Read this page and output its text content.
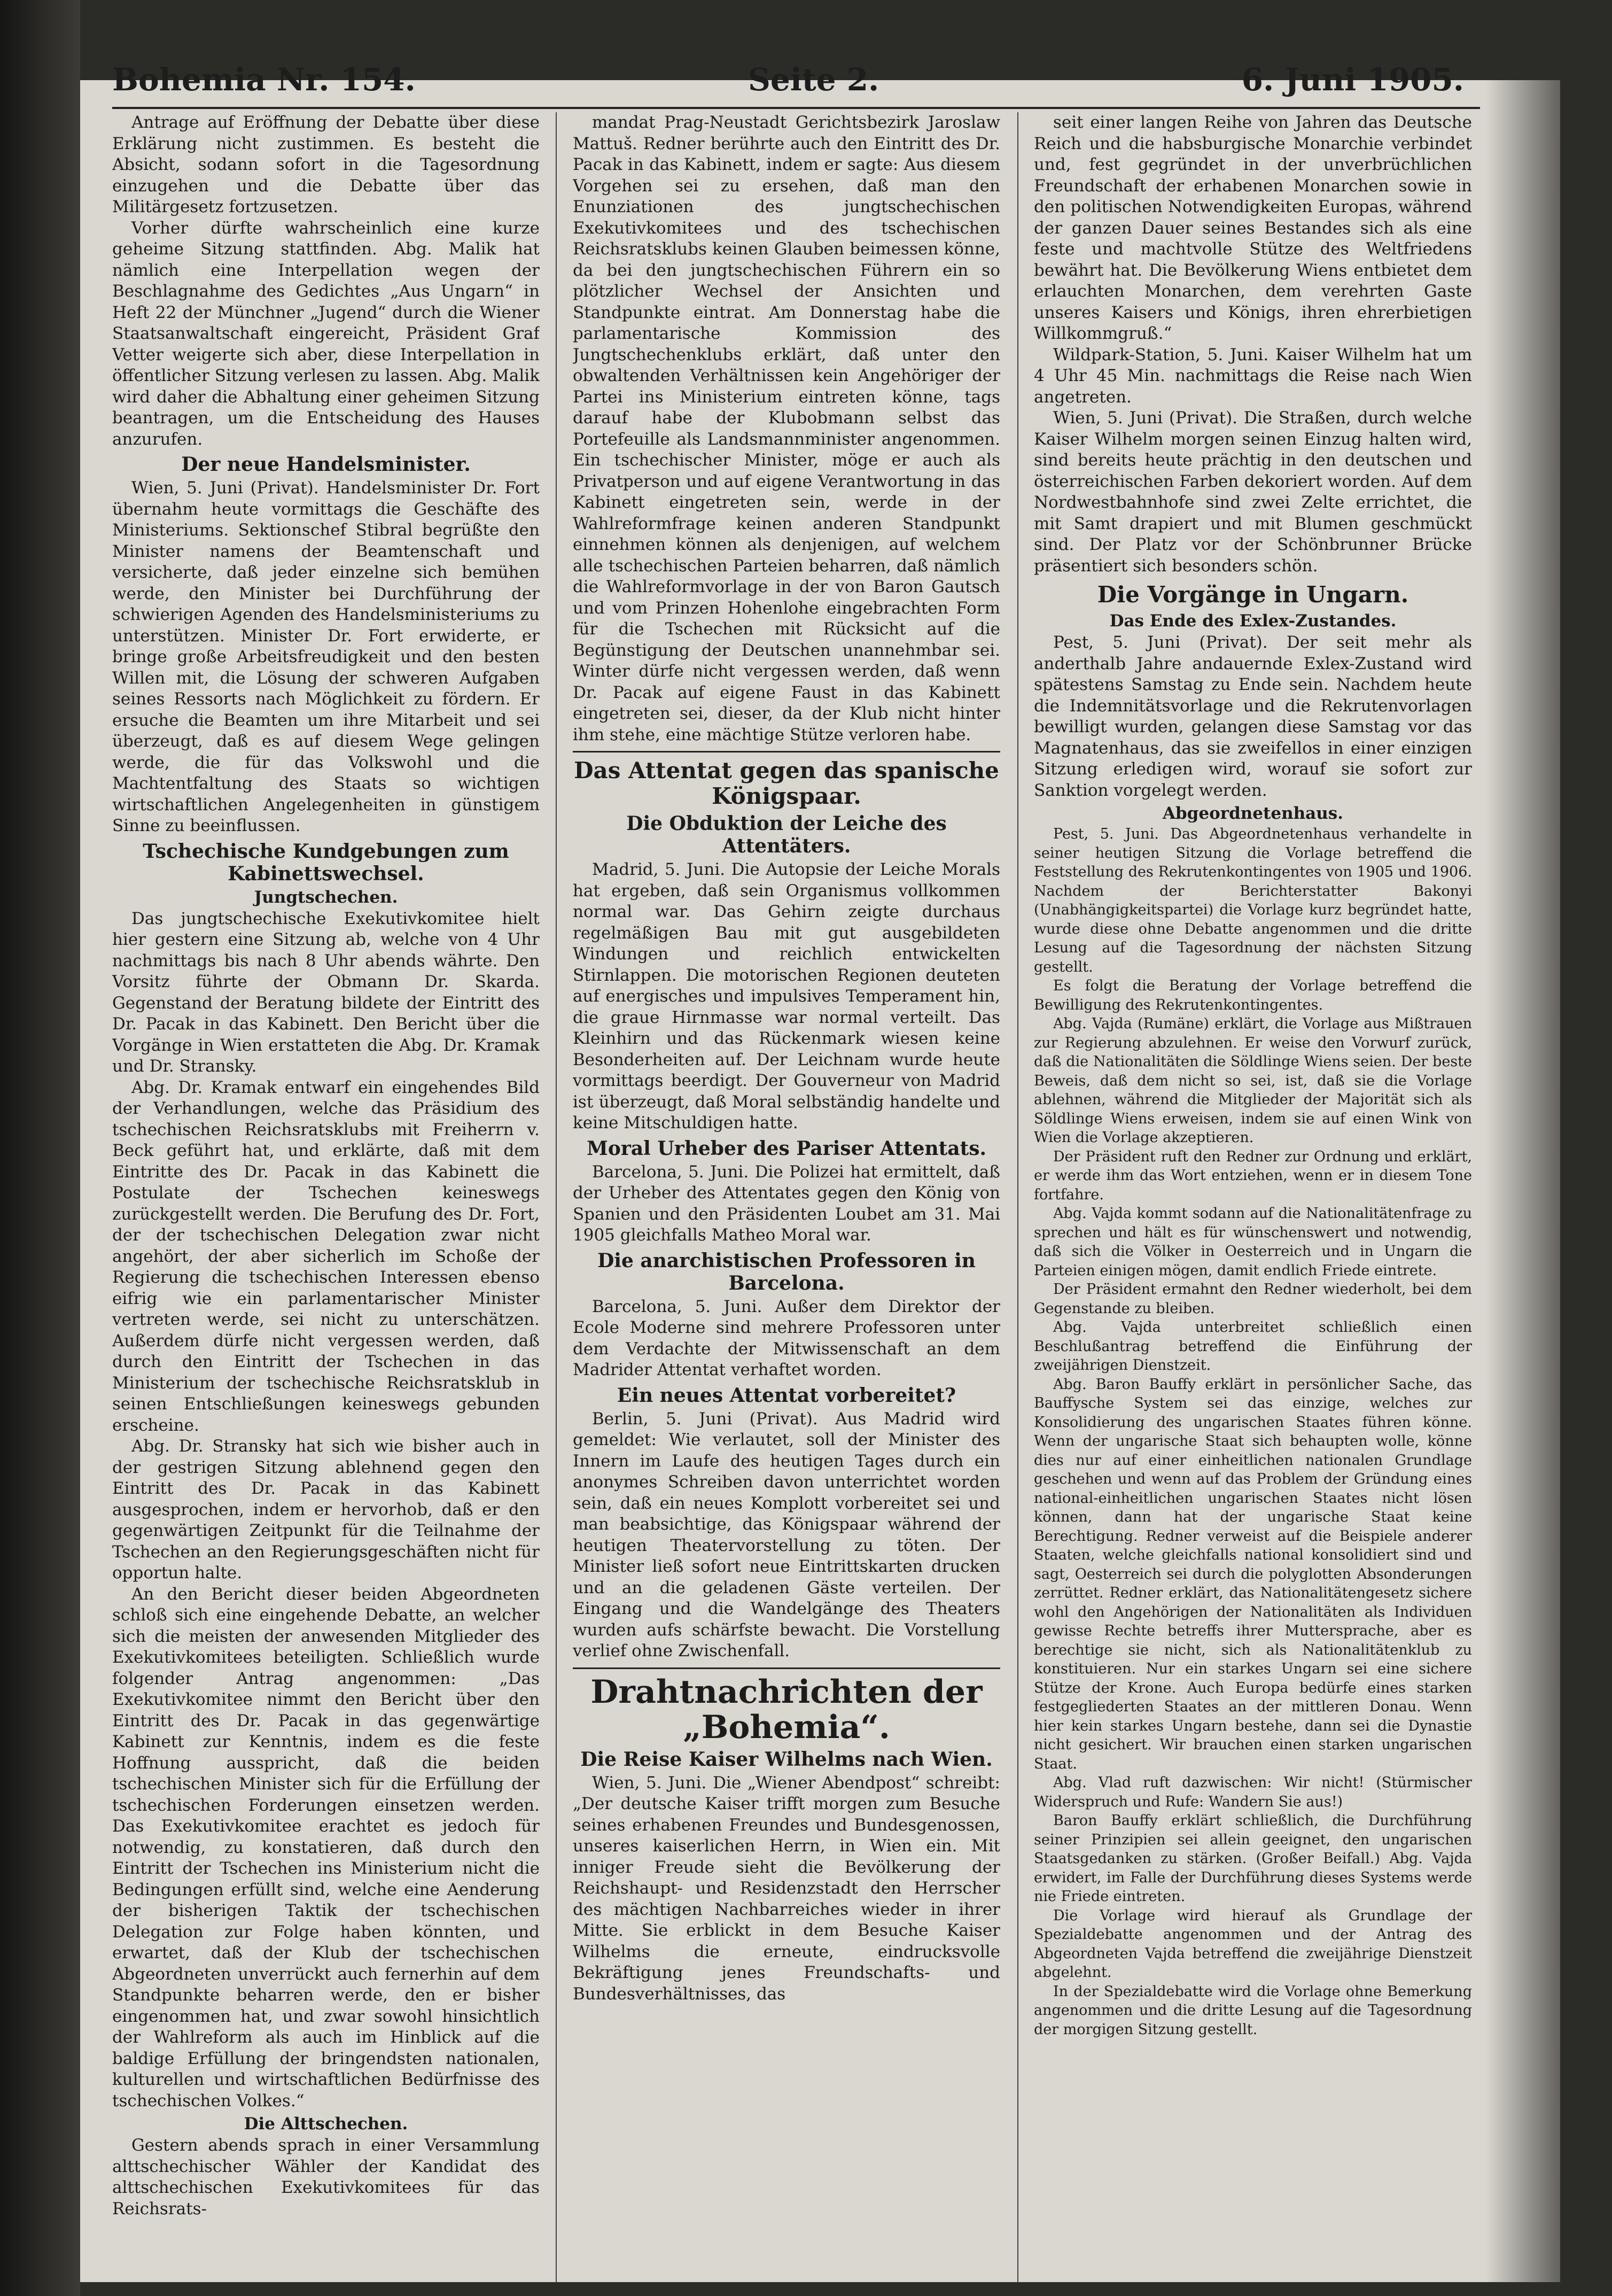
Bohemia Nr. 154.	Seite 2.	6. Juni 1905.

Antrage auf Eröffnung der Debatte über diese Erklärung nicht zustimmen. Es besteht die Absicht, sodann sofort in die Tagesordnung einzugehen und die Debatte über das Militärgesetz fortzusetzen.

Vorher dürfte wahrscheinlich eine kurze geheime Sitzung stattfinden. Abg. Malik hat nämlich eine Interpellation wegen der Beschlagnahme des Gedichtes „Aus Ungarn“ in Heft 22 der Münchner „Jugend“ durch die Wiener Staatsanwaltschaft eingereicht, Präsident Graf Vetter weigerte sich aber, diese Interpellation in öffentlicher Sitzung verlesen zu lassen. Abg. Malik wird daher die Abhaltung einer geheimen Sitzung beantragen, um die Entscheidung des Hauses anzurufen.

Der neue Handelsminister.

Wien, 5. Juni (Privat). Handelsminister Dr. Fort übernahm heute vormittags die Geschäfte des Ministeriums. Sektionschef Stibral begrüßte den Minister namens der Beamtenschaft und versicherte, daß jeder einzelne sich bemühen werde, den Minister bei Durchführung der schwierigen Agenden des Handelsministeriums zu unterstützen. Minister Dr. Fort erwiderte, er bringe große Arbeitsfreudigkeit und den besten Willen mit, die Lösung der schweren Aufgaben seines Ressorts nach Möglichkeit zu fördern. Er ersuche die Beamten um ihre Mitarbeit und sei überzeugt, daß es auf diesem Wege gelingen werde, die für das Volkswohl und die Machtentfaltung des Staats so wichtigen wirtschaftlichen Angelegenheiten in günstigem Sinne zu beeinflussen.

Tschechische Kundgebungen zum Kabinettswechsel.
Jungtschechen.

Das jungtschechische Exekutivkomitee hielt hier gestern eine Sitzung ab, welche von 4 Uhr nachmittags bis nach 8 Uhr abends währte. Den Vorsitz führte der Obmann Dr. Skarda. Gegenstand der Beratung bildete der Eintritt des Dr. Pacak in das Kabinett. Den Bericht über die Vorgänge in Wien erstatteten die Abg. Dr. Kramak und Dr. Stransky.

Abg. Dr. Kramak entwarf ein eingehendes Bild der Verhandlungen, welche das Präsidium des tschechischen Reichsratsklubs mit Freiherrn v. Beck geführt hat, und erklärte, daß mit dem Eintritte des Dr. Pacak in das Kabinett die Postulate der Tschechen keineswegs zurückgestellt werden. Die Berufung des Dr. Fort, der der tschechischen Delegation zwar nicht angehört, der aber sicherlich im Schoße der Regierung die tschechischen Interessen ebenso eifrig wie ein parlamentarischer Minister vertreten werde, sei nicht zu unterschätzen. Außerdem dürfe nicht vergessen werden, daß durch den Eintritt der Tschechen in das Ministerium der tschechische Reichsratsklub in seinen Entschließungen keineswegs gebunden erscheine.

Abg. Dr. Stransky hat sich wie bisher auch in der gestrigen Sitzung ablehnend gegen den Eintritt des Dr. Pacak in das Kabinett ausgesprochen, indem er hervorhob, daß er den gegenwärtigen Zeitpunkt für die Teilnahme der Tschechen an den Regierungsgeschäften nicht für opportun halte.

An den Bericht dieser beiden Abgeordneten schloß sich eine eingehende Debatte, an welcher sich die meisten der anwesenden Mitglieder des Exekutivkomitees beteiligten. Schließlich wurde folgender Antrag angenommen: „Das Exekutivkomitee nimmt den Bericht über den Eintritt des Dr. Pacak in das gegenwärtige Kabinett zur Kenntnis, indem es die feste Hoffnung ausspricht, daß die beiden tschechischen Minister sich für die Erfüllung der tschechischen Forderungen einsetzen werden. Das Exekutivkomitee erachtet es jedoch für notwendig, zu konstatieren, daß durch den Eintritt der Tschechen ins Ministerium nicht die Bedingungen erfüllt sind, welche eine Aenderung der bisherigen Taktik der tschechischen Delegation zur Folge haben könnten, und erwartet, daß der Klub der tschechischen Abgeordneten unverrückt auch fernerhin auf dem Standpunkte beharren werde, den er bisher eingenommen hat, und zwar sowohl hinsichtlich der Wahlreform als auch im Hinblick auf die baldige Erfüllung der bringendsten nationalen, kulturellen und wirtschaftlichen Bedürfnisse des tschechischen Volkes.“

Die Alttschechen.

Gestern abends sprach in einer Versammlung alttschechischer Wähler der Kandidat des alttschechischen Exekutivkomitees für das Reichsrats-

mandat Prag-Neustadt Gerichtsbezirk Jaroslaw Mattuš. Redner berührte auch den Eintritt des Dr. Pacak in das Kabinett, indem er sagte: Aus diesem Vorgehen sei zu ersehen, daß man den Enunziationen des jungtschechischen Exekutivkomitees und des tschechischen Reichsratsklubs keinen Glauben beimessen könne, da bei den jungtschechischen Führern ein so plötzlicher Wechsel der Ansichten und Standpunkte eintrat. Am Donnerstag habe die parlamentarische Kommission des Jungtschechenklubs erklärt, daß unter den obwaltenden Verhältnissen kein Angehöriger der Partei ins Ministerium eintreten könne, tags darauf habe der Klubobmann selbst das Portefeuille als Landsmannminister angenommen. Ein tschechischer Minister, möge er auch als Privatperson und auf eigene Verantwortung in das Kabinett eingetreten sein, werde in der Wahlreformfrage keinen anderen Standpunkt einnehmen können als denjenigen, auf welchem alle tschechischen Parteien beharren, daß nämlich die Wahlreformvorlage in der von Baron Gautsch und vom Prinzen Hohenlohe eingebrachten Form für die Tschechen mit Rücksicht auf die Begünstigung der Deutschen unannehmbar sei. Winter dürfe nicht vergessen werden, daß wenn Dr. Pacak auf eigene Faust in das Kabinett eingetreten sei, dieser, da der Klub nicht hinter ihm stehe, eine mächtige Stütze verloren habe.

Das Attentat gegen das spanische Königspaar.
Die Obduktion der Leiche des Attentäters.

Madrid, 5. Juni. Die Autopsie der Leiche Morals hat ergeben, daß sein Organismus vollkommen normal war. Das Gehirn zeigte durchaus regelmäßigen Bau mit gut ausgebildeten Windungen und reichlich entwickelten Stirnlappen. Die motorischen Regionen deuteten auf energisches und impulsives Temperament hin, die graue Hirnmasse war normal verteilt. Das Kleinhirn und das Rückenmark wiesen keine Besonderheiten auf. Der Leichnam wurde heute vormittags beerdigt. Der Gouverneur von Madrid ist überzeugt, daß Moral selbständig handelte und keine Mitschuldigen hatte.

Moral Urheber des Pariser Attentats.

Barcelona, 5. Juni. Die Polizei hat ermittelt, daß der Urheber des Attentates gegen den König von Spanien und den Präsidenten Loubet am 31. Mai 1905 gleichfalls Matheo Moral war.

Die anarchistischen Professoren in Barcelona.

Barcelona, 5. Juni. Außer dem Direktor der Ecole Moderne sind mehrere Professoren unter dem Verdachte der Mitwissenschaft an dem Madrider Attentat verhaftet worden.

Ein neues Attentat vorbereitet?

Berlin, 5. Juni (Privat). Aus Madrid wird gemeldet: Wie verlautet, soll der Minister des Innern im Laufe des heutigen Tages durch ein anonymes Schreiben davon unterrichtet worden sein, daß ein neues Komplott vorbereitet sei und man beabsichtige, das Königspaar während der heutigen Theatervorstellung zu töten. Der Minister ließ sofort neue Eintrittskarten drucken und an die geladenen Gäste verteilen. Der Eingang und die Wandelgänge des Theaters wurden aufs schärfste bewacht. Die Vorstellung verlief ohne Zwischenfall.

Drahtnachrichten der „Bohemia“.
Die Reise Kaiser Wilhelms nach Wien.

Wien, 5. Juni. Die „Wiener Abendpost“ schreibt: „Der deutsche Kaiser trifft morgen zum Besuche seines erhabenen Freundes und Bundesgenossen, unseres kaiserlichen Herrn, in Wien ein. Mit inniger Freude sieht die Bevölkerung der Reichshaupt- und Residenzstadt den Herrscher des mächtigen Nachbarreiches wieder in ihrer Mitte. Sie erblickt in dem Besuche Kaiser Wilhelms die erneute, eindrucksvolle Bekräftigung jenes Freundschafts- und Bundesverhältnisses, das

seit einer langen Reihe von Jahren das Deutsche Reich und die habsburgische Monarchie verbindet und, fest gegründet in der unverbrüchlichen Freundschaft der erhabenen Monarchen sowie in den politischen Notwendigkeiten Europas, während der ganzen Dauer seines Bestandes sich als eine feste und machtvolle Stütze des Weltfriedens bewährt hat. Die Bevölkerung Wiens entbietet dem erlauchten Monarchen, dem verehrten Gaste unseres Kaisers und Königs, ihren ehrerbietigen Willkommgruß.“

Wildpark-Station, 5. Juni. Kaiser Wilhelm hat um 4 Uhr 45 Min. nachmittags die Reise nach Wien angetreten.

Wien, 5. Juni (Privat). Die Straßen, durch welche Kaiser Wilhelm morgen seinen Einzug halten wird, sind bereits heute prächtig in den deutschen und österreichischen Farben dekoriert worden. Auf dem Nordwestbahnhofe sind zwei Zelte errichtet, die mit Samt drapiert und mit Blumen geschmückt sind. Der Platz vor der Schönbrunner Brücke präsentiert sich besonders schön.

Die Vorgänge in Ungarn.
Das Ende des Exlex-Zustandes.

Pest, 5. Juni (Privat). Der seit mehr als anderthalb Jahre andauernde Exlex-Zustand wird spätestens Samstag zu Ende sein. Nachdem heute die Indemnitätsvorlage und die Rekrutenvorlagen bewilligt wurden, gelangen diese Samstag vor das Magnatenhaus, das sie zweifellos in einer einzigen Sitzung erledigen wird, worauf sie sofort zur Sanktion vorgelegt werden.

Abgeordnetenhaus.

Pest, 5. Juni. Das Abgeordnetenhaus verhandelte in seiner heutigen Sitzung die Vorlage betreffend die Feststellung des Rekrutenkontingentes von 1905 und 1906. Nachdem der Berichterstatter Bakonyi (Unabhängigkeitspartei) die Vorlage kurz begründet hatte, wurde diese ohne Debatte angenommen und die dritte Lesung auf die Tagesordnung der nächsten Sitzung gestellt.

Es folgt die Beratung der Vorlage betreffend die Bewilligung des Rekrutenkontingentes.

Abg. Vajda (Rumäne) erklärt, die Vorlage aus Mißtrauen zur Regierung abzulehnen. Er weise den Vorwurf zurück, daß die Nationalitäten die Söldlinge Wiens seien. Der beste Beweis, daß dem nicht so sei, ist, daß sie die Vorlage ablehnen, während die Mitglieder der Majorität sich als Söldlinge Wiens erweisen, indem sie auf einen Wink von Wien die Vorlage akzeptieren.

Der Präsident ruft den Redner zur Ordnung und erklärt, er werde ihm das Wort entziehen, wenn er in diesem Tone fortfahre.

Abg. Vajda kommt sodann auf die Nationalitätenfrage zu sprechen und hält es für wünschenswert und notwendig, daß sich die Völker in Oesterreich und in Ungarn die Parteien einigen mögen, damit endlich Friede eintrete.

Der Präsident ermahnt den Redner wiederholt, bei dem Gegenstande zu bleiben.

Abg. Vajda unterbreitet schließlich einen Beschlußantrag betreffend die Einführung der zweijährigen Dienstzeit.

Abg. Baron Bauffy erklärt in persönlicher Sache, das Bauffysche System sei das einzige, welches zur Konsolidierung des ungarischen Staates führen könne. Wenn der ungarische Staat sich behaupten wolle, könne dies nur auf einer einheitlichen nationalen Grundlage geschehen und wenn auf das Problem der Gründung eines national-einheitlichen ungarischen Staates nicht lösen können, dann hat der ungarische Staat keine Berechtigung. Redner verweist auf die Beispiele anderer Staaten, welche gleichfalls national konsolidiert sind und sagt, Oesterreich sei durch die polyglotten Absonderungen zerrüttet. Redner erklärt, das Nationalitätengesetz sichere wohl den Angehörigen der Nationalitäten als Individuen gewisse Rechte betreffs ihrer Muttersprache, aber es berechtige sie nicht, sich als Nationalitätenklub zu konstituieren. Nur ein starkes Ungarn sei eine sichere Stütze der Krone. Auch Europa bedürfe eines starken festgegliederten Staates an der mittleren Donau. Wenn hier kein starkes Ungarn bestehe, dann sei die Dynastie nicht gesichert. Wir brauchen einen starken ungarischen Staat.

Abg. Vlad ruft dazwischen: Wir nicht! (Stürmischer Widerspruch und Rufe: Wandern Sie aus!)

Baron Bauffy erklärt schließlich, die Durchführung seiner Prinzipien sei allein geeignet, den ungarischen Staatsgedanken zu stärken. (Großer Beifall.) Abg. Vajda erwidert, im Falle der Durchführung dieses Systems werde nie Friede eintreten.

Die Vorlage wird hierauf als Grundlage der Spezialdebatte angenommen und der Antrag des Abgeordneten Vajda betreffend die zweijährige Dienstzeit abgelehnt.

In der Spezialdebatte wird die Vorlage ohne Bemerkung angenommen und die dritte Lesung auf die Tagesordnung der morgigen Sitzung gestellt.
